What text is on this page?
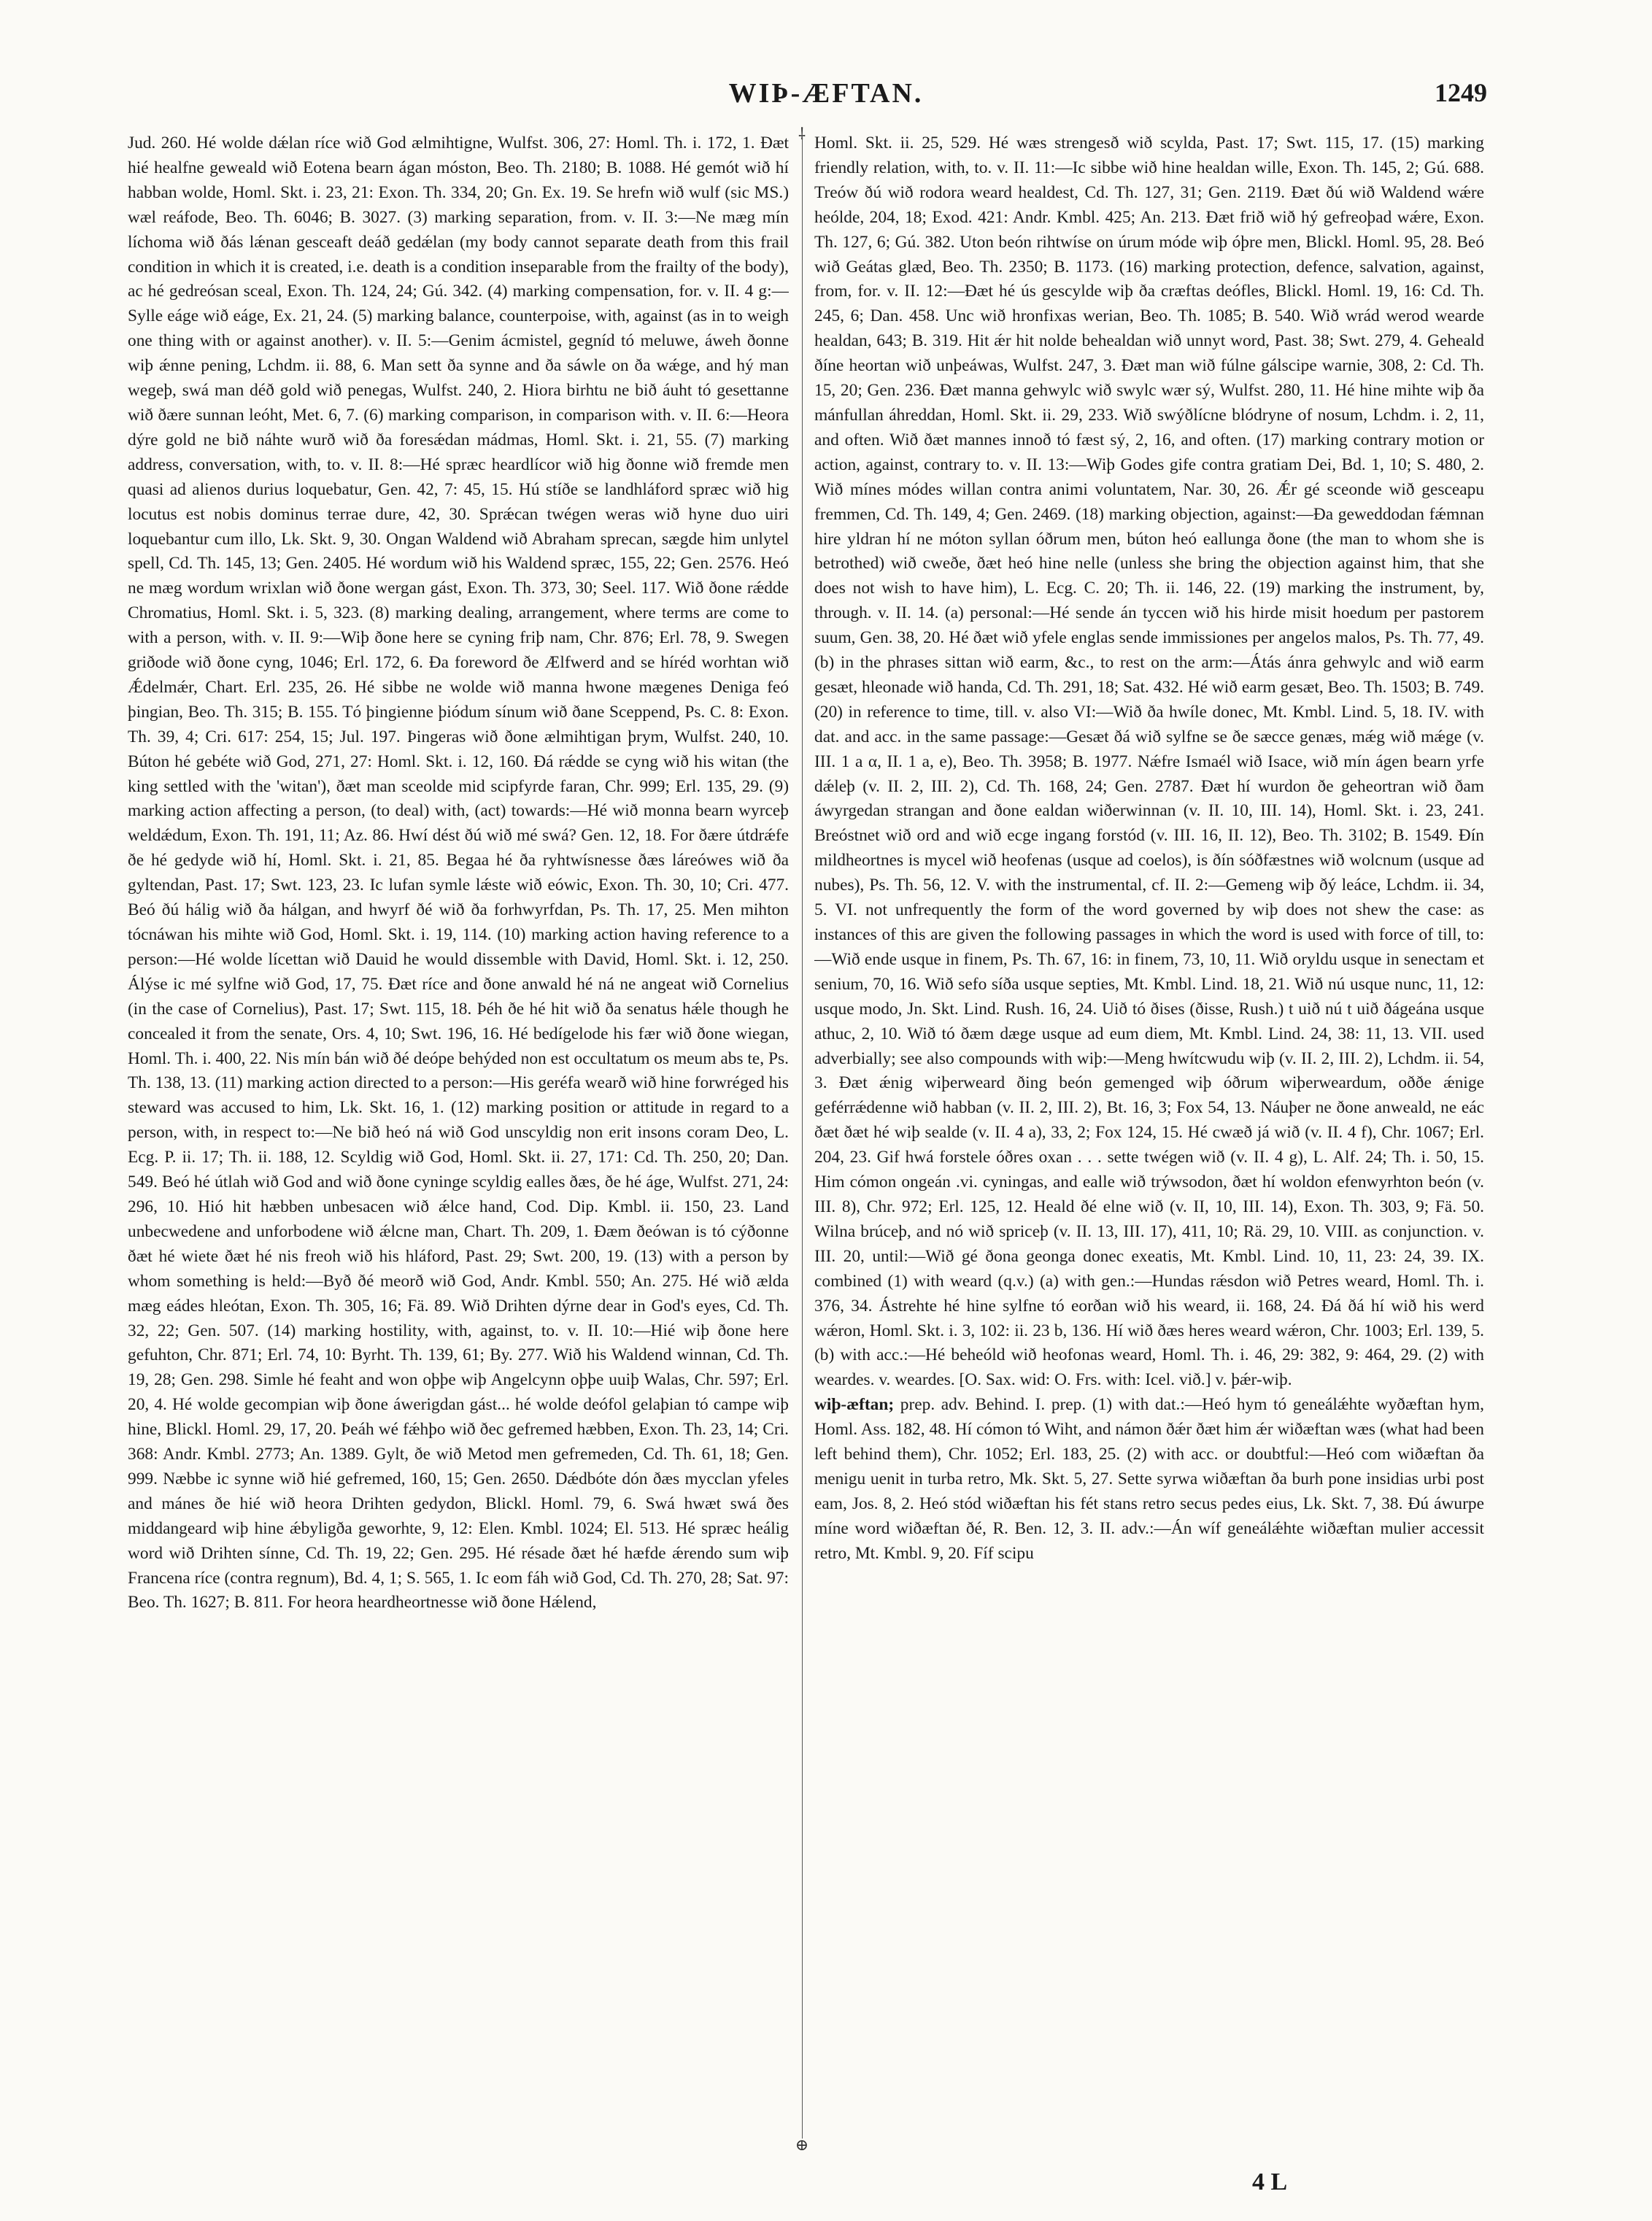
WIÞ-ÆFTAN.	1249
⸸
⊕

Jud. 260. Hé wolde dǽlan ríce wið God ælmihtigne, Wulfst. 306, 27: Homl. Th. i. 172, 1. Ðæt hié healfne geweald wið Eotena bearn ágan móston, Beo. Th. 2180; B. 1088. Hé gemót wið hí habban wolde, Homl. Skt. i. 23, 21: Exon. Th. 334, 20; Gn. Ex. 19. Se hrefn wið wulf (sic MS.) wæl reáfode, Beo. Th. 6046; B. 3027. (3) marking separation, from. v. II. 3:—Ne mæg mín líchoma wið ðás lǽnan gesceaft deáð gedǽlan (my body cannot separate death from this frail condition in which it is created, i.e. death is a condition inseparable from the frailty of the body), ac hé gedreósan sceal, Exon. Th. 124, 24; Gú. 342. (4) marking compensation, for. v. II. 4 g:—Sylle eáge wið eáge, Ex. 21, 24. (5) marking balance, counterpoise, with, against (as in to weigh one thing with or against another). v. II. 5:—Genim ácmistel, gegníd tó meluwe, áweh ðonne wiþ ǽnne pening, Lchdm. ii. 88, 6. Man sett ða synne and ða sáwle on ða wǽge, and hý man wegeþ, swá man déð gold wið penegas, Wulfst. 240, 2. Hiora birhtu ne bið áuht tó gesettanne wið ðære sunnan leóht, Met. 6, 7. (6) marking comparison, in comparison with. v. II. 6:—Heora dýre gold ne bið náhte wurð wið ða foresǽdan mádmas, Homl. Skt. i. 21, 55. (7) marking address, conversation, with, to. v. II. 8:—Hé spræc heardlícor wið hig ðonne wið fremde men quasi ad alienos durius loquebatur, Gen. 42, 7: 45, 15. Hú stíðe se landhláford spræc wið hig locutus est nobis dominus terrae dure, 42, 30. Sprǽcan twégen weras wið hyne duo uiri loquebantur cum illo, Lk. Skt. 9, 30. Ongan Waldend wið Abraham sprecan, sægde him unlytel spell, Cd. Th. 145, 13; Gen. 2405. Hé wordum wið his Waldend spræc, 155, 22; Gen. 2576. Heó ne mæg wordum wrixlan wið ðone wergan gást, Exon. Th. 373, 30; Seel. 117. Wið ðone rǽdde Chromatius, Homl. Skt. i. 5, 323. (8) marking dealing, arrangement, where terms are come to with a person, with. v. II. 9:—Wiþ ðone here se cyning friþ nam, Chr. 876; Erl. 78, 9. Swegen griðode wið ðone cyng, 1046; Erl. 172, 6. Ða foreword ðe Ælfwerd and se híréd worhtan wið Ǽdelmǽr, Chart. Erl. 235, 26. Hé sibbe ne wolde wið manna hwone mægenes Deniga feó þingian, Beo. Th. 315; B. 155. Tó þingienne þiódum sínum wið ðane Sceppend, Ps. C. 8: Exon. Th. 39, 4; Cri. 617: 254, 15; Jul. 197. Þingeras wið ðone ælmihtigan þrym, Wulfst. 240, 10. Búton hé gebéte wið God, 271, 27: Homl. Skt. i. 12, 160. Ðá rǽdde se cyng wið his witan (the king settled with the 'witan'), ðæt man sceolde mid scipfyrde faran, Chr. 999; Erl. 135, 29. (9) marking action affecting a person, (to deal) with, (act) towards:—Hé wið monna bearn wyrceþ weldǽdum, Exon. Th. 191, 11; Az. 86. Hwí dést ðú wið mé swá? Gen. 12, 18. For ðære útdrǽfe ðe hé gedyde wið hí, Homl. Skt. i. 21, 85. Begaa hé ða ryhtwísnesse ðæs láreówes wið ða gyltendan, Past. 17; Swt. 123, 23. Ic lufan symle lǽste wið eówic, Exon. Th. 30, 10; Cri. 477. Beó ðú hálig wið ða hálgan, and hwyrf ðé wið ða forhwyrfdan, Ps. Th. 17, 25. Men mihton tócnáwan his mihte wið God, Homl. Skt. i. 19, 114. (10) marking action having reference to a person:—Hé wolde lícettan wið Dauid he would dissemble with David, Homl. Skt. i. 12, 250. Álýse ic mé sylfne wið God, 17, 75. Ðæt ríce and ðone anwald hé ná ne angeat wið Cornelius (in the case of Cornelius), Past. 17; Swt. 115, 18. Þéh ðe hé hit wið ða senatus hǽle though he concealed it from the senate, Ors. 4, 10; Swt. 196, 16. Hé bedígelode his fær wið ðone wiegan, Homl. Th. i. 400, 22. Nis mín bán wið ðé deópe behýded non est occultatum os meum abs te, Ps. Th. 138, 13. (11) marking action directed to a person:—His geréfa wearð wið hine forwréged his steward was accused to him, Lk. Skt. 16, 1. (12) marking position or attitude in regard to a person, with, in respect to:—Ne bið heó ná wið God unscyldig non erit insons coram Deo, L. Ecg. P. ii. 17; Th. ii. 188, 12. Scyldig wið God, Homl. Skt. ii. 27, 171: Cd. Th. 250, 20; Dan. 549. Beó hé útlah wið God and wið ðone cyninge scyldig ealles ðæs, ðe hé áge, Wulfst. 271, 24: 296, 10. Hió hit hæbben unbesacen wið ǽlce hand, Cod. Dip. Kmbl. ii. 150, 23. Land unbecwedene and unforbodene wið ǽlcne man, Chart. Th. 209, 1. Ðæm ðeówan is tó cýðonne ðæt hé wiete ðæt hé nis freoh wið his hláford, Past. 29; Swt. 200, 19. (13) with a person by whom something is held:—Byð ðé meorð wið God, Andr. Kmbl. 550; An. 275. Hé wið ælda mæg eádes hleótan, Exon. Th. 305, 16; Fä. 89. Wið Drihten dýrne dear in God's eyes, Cd. Th. 32, 22; Gen. 507. (14) marking hostility, with, against, to. v. II. 10:—Hié wiþ ðone here gefuhton, Chr. 871; Erl. 74, 10: Byrht. Th. 139, 61; By. 277. Wið his Waldend winnan, Cd. Th. 19, 28; Gen. 298. Simle hé feaht and won oþþe wiþ Angelcynn oþþe uuiþ Walas, Chr. 597; Erl. 20, 4. Hé wolde gecompian wiþ ðone áwerigdan gást... hé wolde deófol gelaþian tó campe wiþ hine, Blickl. Homl. 29, 17, 20. Þeáh wé fǽhþo wið ðec gefremed hæbben, Exon. Th. 23, 14; Cri. 368: Andr. Kmbl. 2773; An. 1389. Gylt, ðe wið Metod men gefremeden, Cd. Th. 61, 18; Gen. 999. Næbbe ic synne wið hié gefremed, 160, 15; Gen. 2650. Dǽdbóte dón ðæs mycclan yfeles and mánes ðe hié wið heora Drihten gedydon, Blickl. Homl. 79, 6. Swá hwæt swá ðes middangeard wiþ hine ǽbyligða geworhte, 9, 12: Elen. Kmbl. 1024; El. 513. Hé spræc heálig word wið Drihten sínne, Cd. Th. 19, 22; Gen. 295. Hé résade ðæt hé hæfde ǽrendo sum wiþ Francena ríce (contra regnum), Bd. 4, 1; S. 565, 1. Ic eom fáh wið God, Cd. Th. 270, 28; Sat. 97: Beo. Th. 1627; B. 811. For heora heardheortnesse wið ðone Hǽlend,

Homl. Skt. ii. 25, 529. Hé wæs strengesð wið scylda, Past. 17; Swt. 115, 17. (15) marking friendly relation, with, to. v. II. 11:—Ic sibbe wið hine healdan wille, Exon. Th. 145, 2; Gú. 688. Treów ðú wið rodora weard healdest, Cd. Th. 127, 31; Gen. 2119. Ðæt ðú wið Waldend wǽre heólde, 204, 18; Exod. 421: Andr. Kmbl. 425; An. 213. Ðæt frið wið hý gefreoþad wǽre, Exon. Th. 127, 6; Gú. 382. Uton beón rihtwíse on úrum móde wiþ óþre men, Blickl. Homl. 95, 28. Beó wið Geátas glæd, Beo. Th. 2350; B. 1173. (16) marking protection, defence, salvation, against, from, for. v. II. 12:—Ðæt hé ús gescylde wiþ ða cræftas deófles, Blickl. Homl. 19, 16: Cd. Th. 245, 6; Dan. 458. Unc wið hronfixas werian, Beo. Th. 1085; B. 540. Wið wrád werod wearde healdan, 643; B. 319. Hit ǽr hit nolde behealdan wið unnyt word, Past. 38; Swt. 279, 4. Geheald ðíne heortan wið unþeáwas, Wulfst. 247, 3. Ðæt man wið fúlne gálscipe warnie, 308, 2: Cd. Th. 15, 20; Gen. 236. Ðæt manna gehwylc wið swylc wær sý, Wulfst. 280, 11. Hé hine mihte wiþ ða mánfullan áhreddan, Homl. Skt. ii. 29, 233. Wið swýðlícne blódryne of nosum, Lchdm. i. 2, 11, and often. Wið ðæt mannes innoð tó fæst sý, 2, 16, and often. (17) marking contrary motion or action, against, contrary to. v. II. 13:—Wiþ Godes gife contra gratiam Dei, Bd. 1, 10; S. 480, 2. Wið mínes módes willan contra animi voluntatem, Nar. 30, 26. Ǽr gé sceonde wið gesceapu fremmen, Cd. Th. 149, 4; Gen. 2469. (18) marking objection, against:—Ða geweddodan fǽmnan hire yldran hí ne móton syllan óðrum men, búton heó eallunga ðone (the man to whom she is betrothed) wið cweðe, ðæt heó hine nelle (unless she bring the objection against him, that she does not wish to have him), L. Ecg. C. 20; Th. ii. 146, 22. (19) marking the instrument, by, through. v. II. 14. (a) personal:—Hé sende án tyccen wið his hirde misit hoedum per pastorem suum, Gen. 38, 20. Hé ðæt wið yfele englas sende immissiones per angelos malos, Ps. Th. 77, 49. (b) in the phrases sittan wið earm, &c., to rest on the arm:—Átás ánra gehwylc and wið earm gesæt, hleonade wið handa, Cd. Th. 291, 18; Sat. 432. Hé wið earm gesæt, Beo. Th. 1503; B. 749. (20) in reference to time, till. v. also VI:—Wið ða hwíle donec, Mt. Kmbl. Lind. 5, 18. IV. with dat. and acc. in the same passage:—Gesæt ðá wið sylfne se ðe sæcce genæs, mǽg wið mǽge (v. III. 1 a α, II. 1 a, e), Beo. Th. 3958; B. 1977. Nǽfre Ismaél wið Isace, wið mín ágen bearn yrfe dǽleþ (v. II. 2, III. 2), Cd. Th. 168, 24; Gen. 2787. Ðæt hí wurdon ðe geheortran wið ðam áwyrgedan strangan and ðone ealdan wiðerwinnan (v. II. 10, III. 14), Homl. Skt. i. 23, 241. Breóstnet wið ord and wið ecge ingang forstód (v. III. 16, II. 12), Beo. Th. 3102; B. 1549. Ðín mildheortnes is mycel wið heofenas (usque ad coelos), is ðín sóðfæstnes wið wolcnum (usque ad nubes), Ps. Th. 56, 12. V. with the instrumental, cf. II. 2:—Gemeng wiþ ðý leáce, Lchdm. ii. 34, 5. VI. not unfrequently the form of the word governed by wiþ does not shew the case: as instances of this are given the following passages in which the word is used with force of till, to:—Wið ende usque in finem, Ps. Th. 67, 16: in finem, 73, 10, 11. Wið oryldu usque in senectam et senium, 70, 16. Wið sefo síða usque septies, Mt. Kmbl. Lind. 18, 21. Wið nú usque nunc, 11, 12: usque modo, Jn. Skt. Lind. Rush. 16, 24. Uið tó ðises (ðisse, Rush.) t uið nú t uið ðágeána usque athuc, 2, 10. Wið tó ðæm dæge usque ad eum diem, Mt. Kmbl. Lind. 24, 38: 11, 13. VII. used adverbially; see also compounds with wiþ:—Meng hwítcwudu wiþ (v. II. 2, III. 2), Lchdm. ii. 54, 3. Ðæt ǽnig wiþerweard ðing beón gemenged wiþ óðrum wiþerweardum, oððe ǽnige geférrǽdenne wið habban (v. II. 2, III. 2), Bt. 16, 3; Fox 54, 13. Náuþer ne ðone anweald, ne eác ðæt ðæt hé wiþ sealde (v. II. 4 a), 33, 2; Fox 124, 15. Hé cwæð já wið (v. II. 4 f), Chr. 1067; Erl. 204, 23. Gif hwá forstele óðres oxan . . . sette twégen wið (v. II. 4 g), L. Alf. 24; Th. i. 50, 15. Him cómon ongeán .vi. cyningas, and ealle wið trýwsodon, ðæt hí woldon efenwyrhton beón (v. III. 8), Chr. 972; Erl. 125, 12. Heald ðé elne wið (v. II, 10, III. 14), Exon. Th. 303, 9; Fä. 50. Wilna brúceþ, and nó wið spriceþ (v. II. 13, III. 17), 411, 10; Rä. 29, 10. VIII. as conjunction. v. III. 20, until:—Wið gé ðona geonga donec exeatis, Mt. Kmbl. Lind. 10, 11, 23: 24, 39. IX. combined (1) with weard (q.v.) (a) with gen.:—Hundas rǽsdon wið Petres weard, Homl. Th. i. 376, 34. Ástrehte hé hine sylfne tó eorðan wið his weard, ii. 168, 24. Ðá ðá hí wið his werd wǽron, Homl. Skt. i. 3, 102: ii. 23 b, 136. Hí wið ðæs heres weard wǽron, Chr. 1003; Erl. 139, 5. (b) with acc.:—Hé beheóld wið heofonas weard, Homl. Th. i. 46, 29: 382, 9: 464, 29. (2) with weardes. v. weardes. [O. Sax. wid: O. Frs. with: Icel. við.] v. þǽr-wiþ.

wiþ-æftan; prep. adv. Behind. I. prep. (1) with dat.:—Heó hym tó geneálǽhte wyðæftan hym, Homl. Ass. 182, 48. Hí cómon tó Wiht, and námon ðǽr ðæt him ǽr wiðæftan wæs (what had been left behind them), Chr. 1052; Erl. 183, 25. (2) with acc. or doubtful:—Heó com wiðæftan ða menigu uenit in turba retro, Mk. Skt. 5, 27. Sette syrwa wiðæftan ða burh pone insidias urbi post eam, Jos. 8, 2. Heó stód wiðæftan his fét stans retro secus pedes eius, Lk. Skt. 7, 38. Ðú áwurpe míne word wiðæftan ðé, R. Ben. 12, 3. II. adv.:—Án wíf geneálǽhte wiðæftan mulier accessit retro, Mt. Kmbl. 9, 20. Fíf scipu

4 L
